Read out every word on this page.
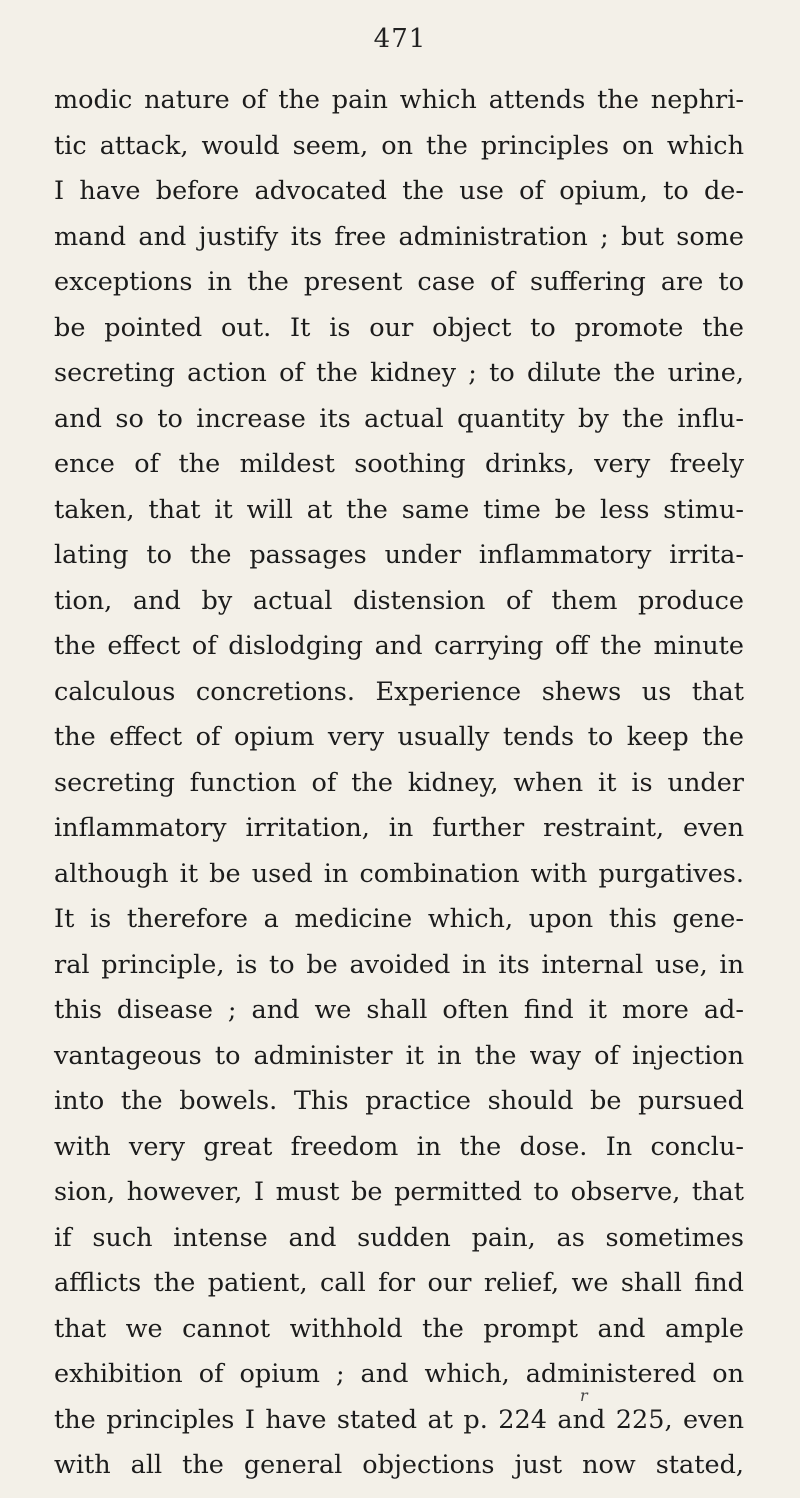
471
modic nature of the pain which attends the nephri-
tic attack, would seem, on the principles on which
I have before advocated the use of opium, to de-
mand and justify its free administration ; but some
exceptions in the present case of suffering are to
be pointed out. It is our object to promote the
secreting action of the kidney ; to dilute the urine,
and so to increase its actual quantity by the influ-
ence of the mildest soothing drinks, very freely
taken, that it will at the same time be less stimu-
lating to the passages under inflammatory irrita-
tion, and by actual distension of them produce
the effect of dislodging and carrying off the minute
calculous concretions. Experience shews us that
the effect of opium very usually tends to keep the
secreting function of the kidney, when it is under
inflammatory irritation, in further restraint, even
although it be used in combination with purgatives.
It is therefore a medicine which, upon this gene-
ral principle, is to be avoided in its internal use, in
this disease ; and we shall often find it more ad-
vantageous to administer it in the way of injection
into the bowels. This practice should be pursued
with very great freedom in the dose. In conclu-
sion, however, I must be permitted to observe, that
if such intense and sudden pain, as sometimes
afflicts the patient, call for our relief, we shall find
that we cannot withhold the prompt and ample
exhibition of opium ; and which, administered on
the principles I have stated at p. 224 and 225, even
with all the general objections just now stated,
r
